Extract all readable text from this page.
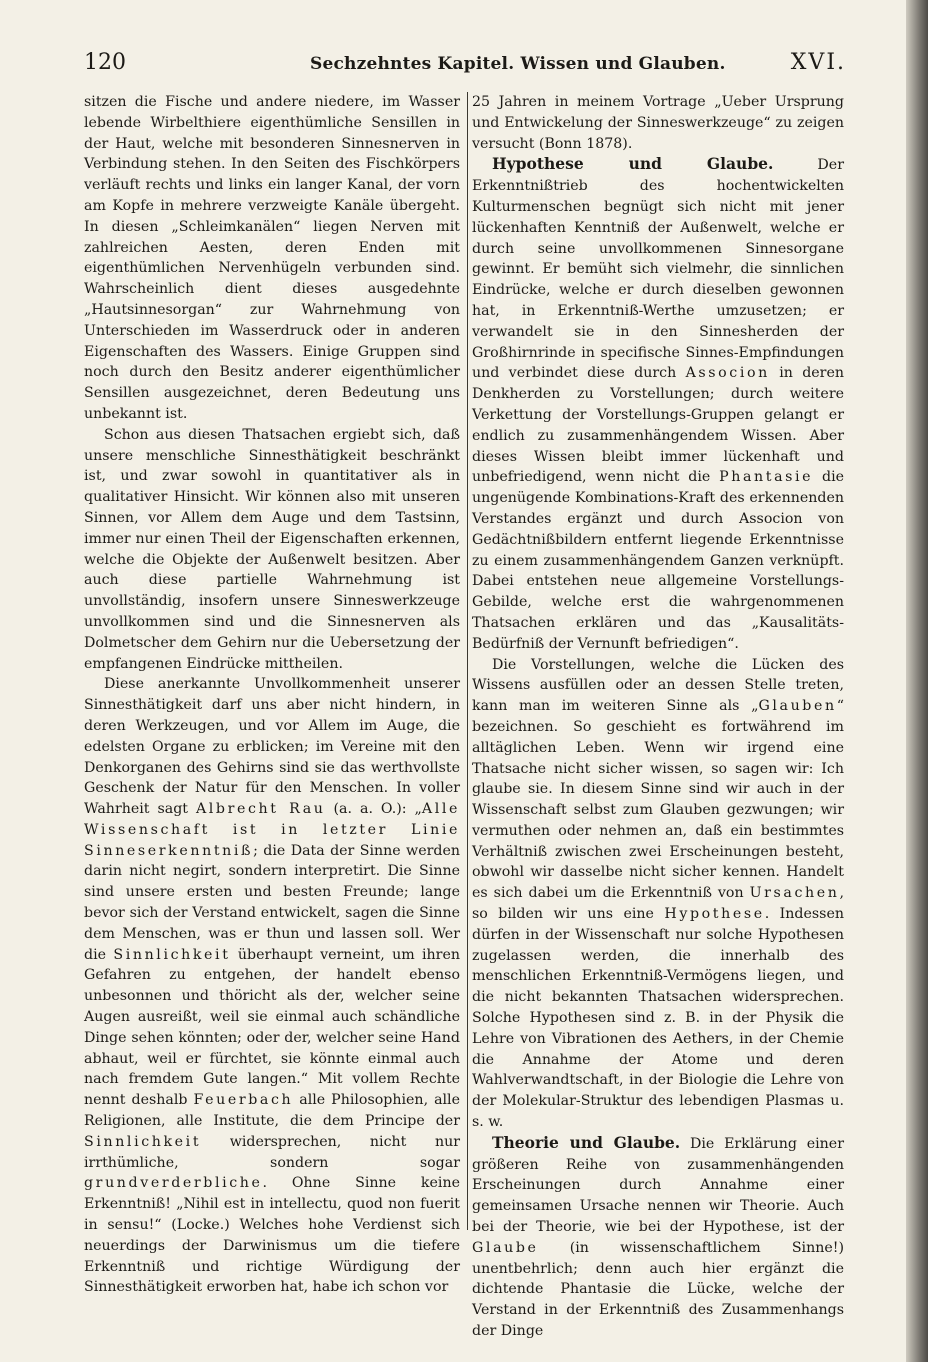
120	Sechzehntes Kapitel. Wissen und Glauben.	XVI.

sitzen die Fische und andere niedere, im Wasser lebende Wirbelthiere eigenthümliche Sensillen in der Haut, welche mit besonderen Sinnesnerven in Verbindung stehen. In den Seiten des Fischkörpers verläuft rechts und links ein langer Kanal, der vorn am Kopfe in mehrere verzweigte Kanäle übergeht. In diesen „Schleimkanälen“ liegen Nerven mit zahlreichen Aesten, deren Enden mit eigenthümlichen Nervenhügeln verbunden sind. Wahrscheinlich dient dieses ausgedehnte „Hautsinnesorgan“ zur Wahrnehmung von Unterschieden im Wasserdruck oder in anderen Eigenschaften des Wassers. Einige Gruppen sind noch durch den Besitz anderer eigenthümlicher Sensillen ausgezeichnet, deren Bedeutung uns unbekannt ist.

Schon aus diesen Thatsachen ergiebt sich, daß unsere menschliche Sinnesthätigkeit beschränkt ist, und zwar sowohl in quantitativer als in qualitativer Hinsicht. Wir können also mit unseren Sinnen, vor Allem dem Auge und dem Tastsinn, immer nur einen Theil der Eigenschaften erkennen, welche die Objekte der Außenwelt besitzen. Aber auch diese partielle Wahrnehmung ist unvollständig, insofern unsere Sinneswerkzeuge unvollkommen sind und die Sinnesnerven als Dolmetscher dem Gehirn nur die Uebersetzung der empfangenen Eindrücke mittheilen.

Diese anerkannte Unvollkommenheit unserer Sinnesthätigkeit darf uns aber nicht hindern, in deren Werkzeugen, und vor Allem im Auge, die edelsten Organe zu erblicken; im Vereine mit den Denkorganen des Gehirns sind sie das werthvollste Geschenk der Natur für den Menschen. In voller Wahrheit sagt Albrecht Rau (a. a. O.): „Alle Wissenschaft ist in letzter Linie Sinneserkenntniß; die Data der Sinne werden darin nicht negirt, sondern interpretirt. Die Sinne sind unsere ersten und besten Freunde; lange bevor sich der Verstand entwickelt, sagen die Sinne dem Menschen, was er thun und lassen soll. Wer die Sinnlichkeit überhaupt verneint, um ihren Gefahren zu entgehen, der handelt ebenso unbesonnen und thöricht als der, welcher seine Augen ausreißt, weil sie einmal auch schändliche Dinge sehen könnten; oder der, welcher seine Hand abhaut, weil er fürchtet, sie könnte einmal auch nach fremdem Gute langen.“ Mit vollem Rechte nennt deshalb Feuerbach alle Philosophien, alle Religionen, alle Institute, die dem Principe der Sinnlichkeit widersprechen, nicht nur irrthümliche, sondern sogar grundverderbliche. Ohne Sinne keine Erkenntniß! „Nihil est in intellectu, quod non fuerit in sensu!“ (Locke.) Welches hohe Verdienst sich neuerdings der Darwinismus um die tiefere Erkenntniß und richtige Würdigung der Sinnesthätigkeit erworben hat, habe ich schon vor

25 Jahren in meinem Vortrage „Ueber Ursprung und Entwickelung der Sinneswerkzeuge“ zu zeigen versucht (Bonn 1878).

Hypothese und Glaube. Der Erkenntnißtrieb des hochentwickelten Kulturmenschen begnügt sich nicht mit jener lückenhaften Kenntniß der Außenwelt, welche er durch seine unvollkommenen Sinnesorgane gewinnt. Er bemüht sich vielmehr, die sinnlichen Eindrücke, welche er durch dieselben gewonnen hat, in Erkenntniß-Werthe umzusetzen; er verwandelt sie in den Sinnesherden der Großhirnrinde in specifische Sinnes-Empfindungen und verbindet diese durch Associon in deren Denkherden zu Vorstellungen; durch weitere Verkettung der Vorstellungs-Gruppen gelangt er endlich zu zusammenhängendem Wissen. Aber dieses Wissen bleibt immer lückenhaft und unbefriedigend, wenn nicht die Phantasie die ungenügende Kombinations-Kraft des erkennenden Verstandes ergänzt und durch Associon von Gedächtnißbildern entfernt liegende Erkenntnisse zu einem zusammenhängendem Ganzen verknüpft. Dabei entstehen neue allgemeine Vorstellungs-Gebilde, welche erst die wahrgenommenen Thatsachen erklären und das „Kausalitäts-Bedürfniß der Vernunft befriedigen“.

Die Vorstellungen, welche die Lücken des Wissens ausfüllen oder an dessen Stelle treten, kann man im weiteren Sinne als „Glauben“ bezeichnen. So geschieht es fortwährend im alltäglichen Leben. Wenn wir irgend eine Thatsache nicht sicher wissen, so sagen wir: Ich glaube sie. In diesem Sinne sind wir auch in der Wissenschaft selbst zum Glauben gezwungen; wir vermuthen oder nehmen an, daß ein bestimmtes Verhältniß zwischen zwei Erscheinungen besteht, obwohl wir dasselbe nicht sicher kennen. Handelt es sich dabei um die Erkenntniß von Ursachen, so bilden wir uns eine Hypothese. Indessen dürfen in der Wissenschaft nur solche Hypothesen zugelassen werden, die innerhalb des menschlichen Erkenntniß-Vermögens liegen, und die nicht bekannten Thatsachen widersprechen. Solche Hypothesen sind z. B. in der Physik die Lehre von Vibrationen des Aethers, in der Chemie die Annahme der Atome und deren Wahlverwandtschaft, in der Biologie die Lehre von der Molekular-Struktur des lebendigen Plasmas u. s. w.

Theorie und Glaube. Die Erklärung einer größeren Reihe von zusammenhängenden Erscheinungen durch Annahme einer gemeinsamen Ursache nennen wir Theorie. Auch bei der Theorie, wie bei der Hypothese, ist der Glaube (in wissenschaftlichem Sinne!) unentbehrlich; denn auch hier ergänzt die dichtende Phantasie die Lücke, welche der Verstand in der Erkenntniß des Zusammenhangs der Dinge
